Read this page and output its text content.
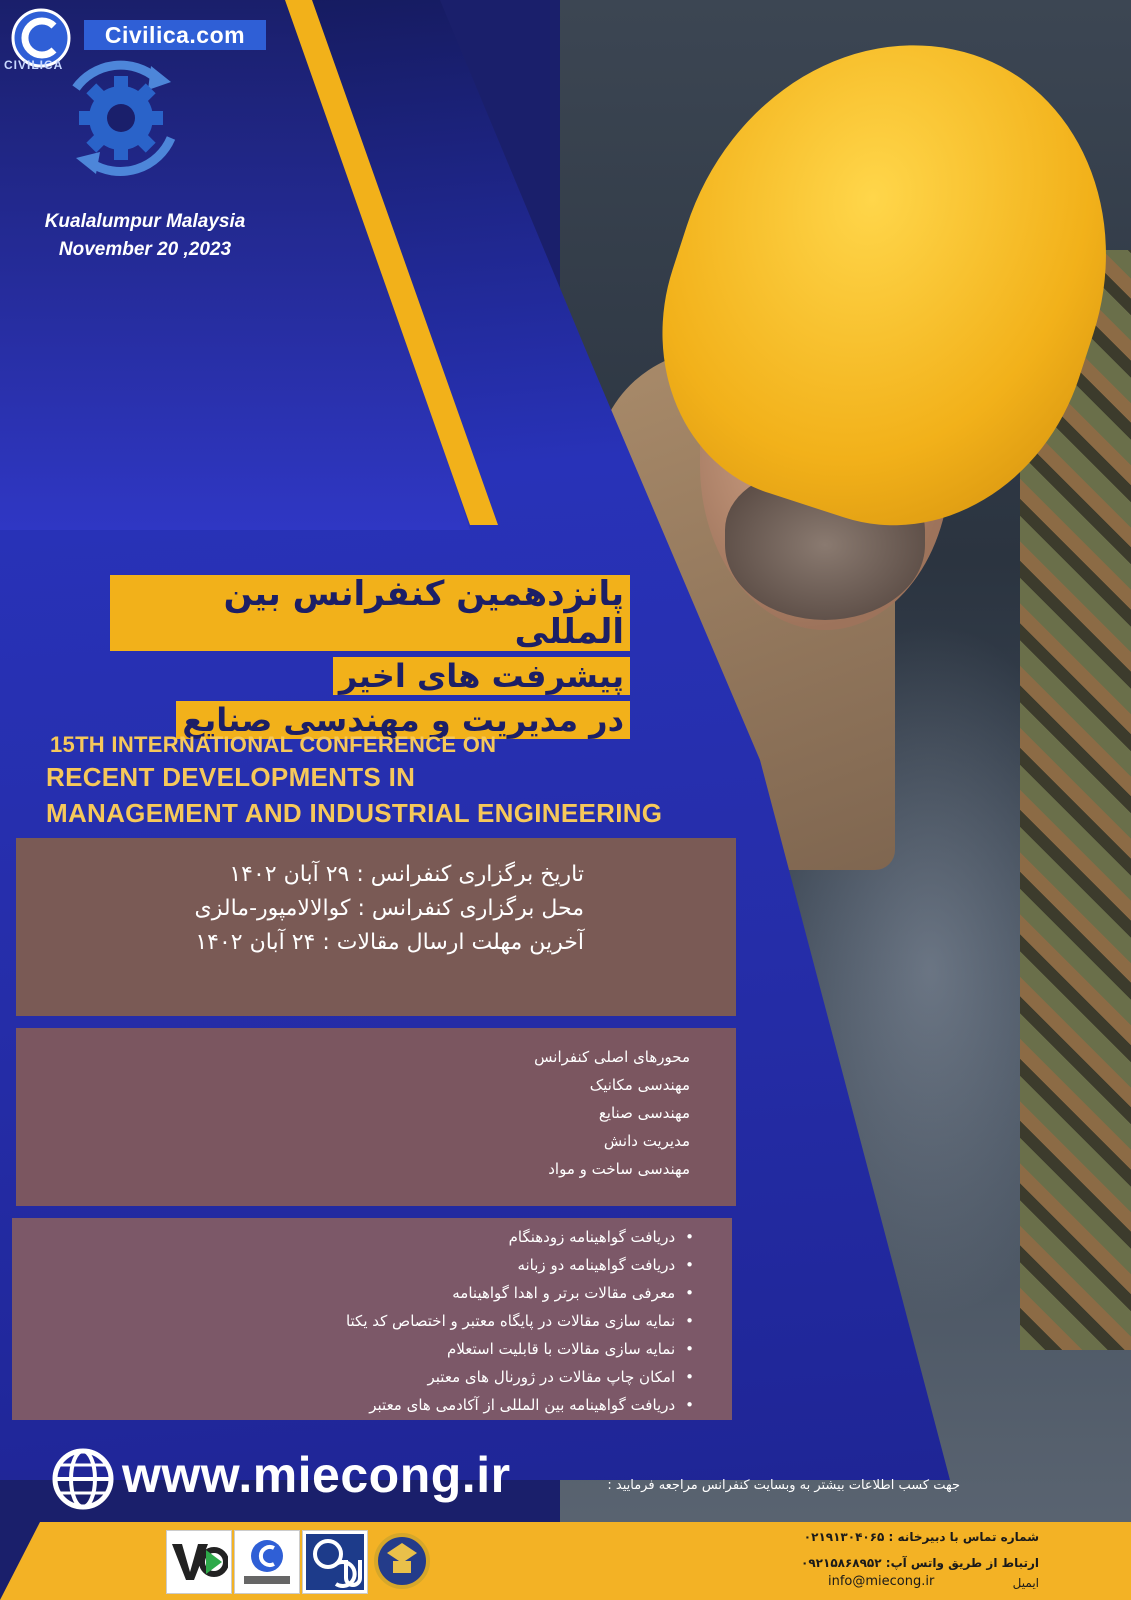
Civilica.com
CIVILICA
Kualalumpur Malaysia
November 20 ,2023
پانزدهمین کنفرانس بین المللی
پیشرفت های اخیر
در مدیریت و مهندسی صنایع
15TH INTERNATIONAL CONFERENCE ON
RECENT DEVELOPMENTS IN
MANAGEMENT AND INDUSTRIAL ENGINEERING
تاریخ برگزاری کنفرانس : ۲۹ آبان ۱۴۰۲
محل برگزاری کنفرانس : کوالالامپور-مالزی
آخرین مهلت ارسال مقالات : ۲۴ آبان ۱۴۰۲
محورهای اصلی کنفرانس
مهندسی مکانیک
مهندسی صنایع
مدیریت دانش
مهندسی ساخت و مواد
• دریافت گواهینامه زودهنگام
• دریافت گواهینامه دو زبانه
• معرفی مقالات برتر و اهدا گواهینامه
• نمایه سازی مقالات در پایگاه معتبر و اختصاص کد یکتا
• نمایه سازی مقالات با قابلیت استعلام
• امکان چاپ مقالات در ژورنال های معتبر
• دریافت گواهینامه بین المللی از آکادمی های معتبر
www.miecong.ir	جهت کسب اطلاعات بیشتر به وبسایت کنفرانس مراجعه فرمایید :
شماره تماس با دبیرخانه : ۰۲۱۹۱۳۰۴۰۶۵
ارتباط از طریق واتس آپ: ۰۹۲۱۵۸۶۸۹۵۲
ایمیل
info@miecong.ir
